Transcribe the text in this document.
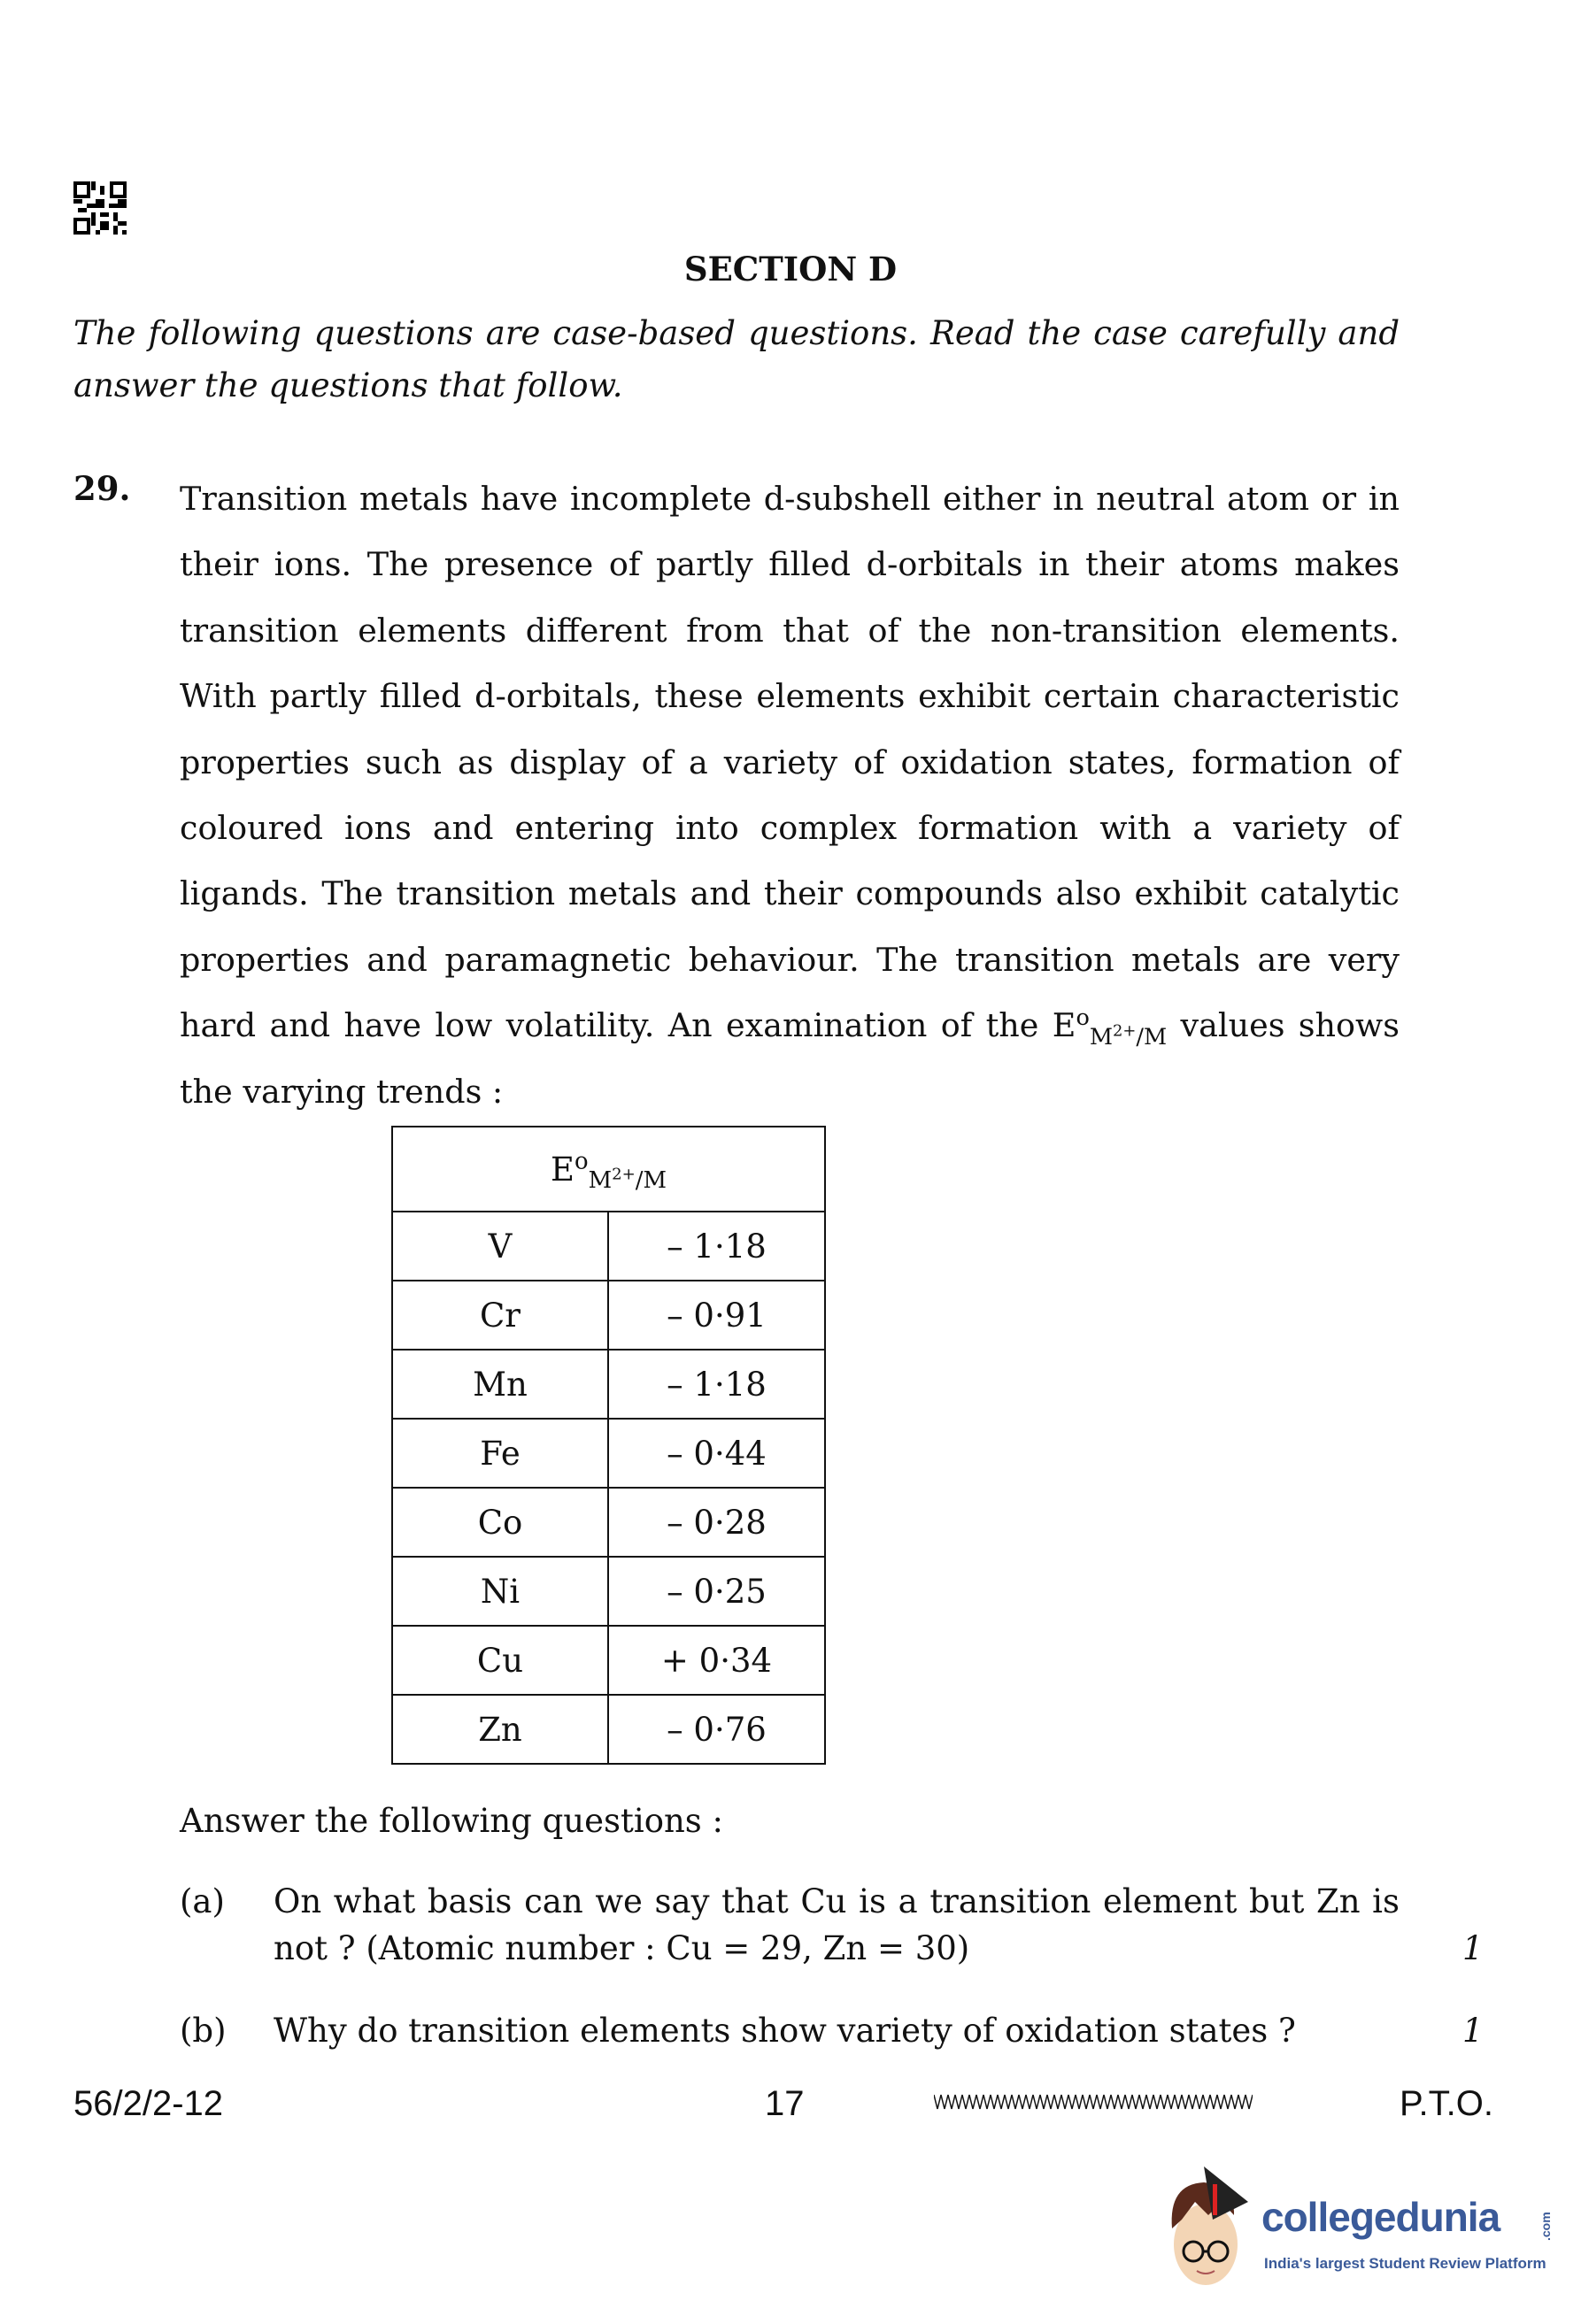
SECTION D
The following questions are case-based questions. Read the case carefully and
answer the questions that follow.
29. Transition metals have incomplete d-subshell either in neutral atom or in their ions. The presence of partly filled d-orbitals in their atoms makes transition elements different from that of the non-transition elements. With partly filled d-orbitals, these elements exhibit certain characteristic properties such as display of a variety of oxidation states, formation of coloured ions and entering into complex formation with a variety of ligands. The transition metals and their compounds also exhibit catalytic properties and paramagnetic behaviour. The transition metals are very hard and have low volatility. An examination of the $E^o_{M^{2+}/M}$ values shows the varying trends :
$E^o_{M^{2+}/M}$
V	– 1·18
Cr	– 0·91
Mn	– 1·18
Fe	– 0·44
Co	– 0·28
Ni	– 0·25
Cu	+ 0·34
Zn	– 0·76
Answer the following questions :
(a) On what basis can we say that Cu is a transition element but Zn is
not ? (Atomic number : Cu = 29, Zn = 30)	1
(b) Why do transition elements show variety of oxidation states ?	1
56/2/2-12	17	P.T.O.
collegedunia	.com
India's largest Student Review Platform
